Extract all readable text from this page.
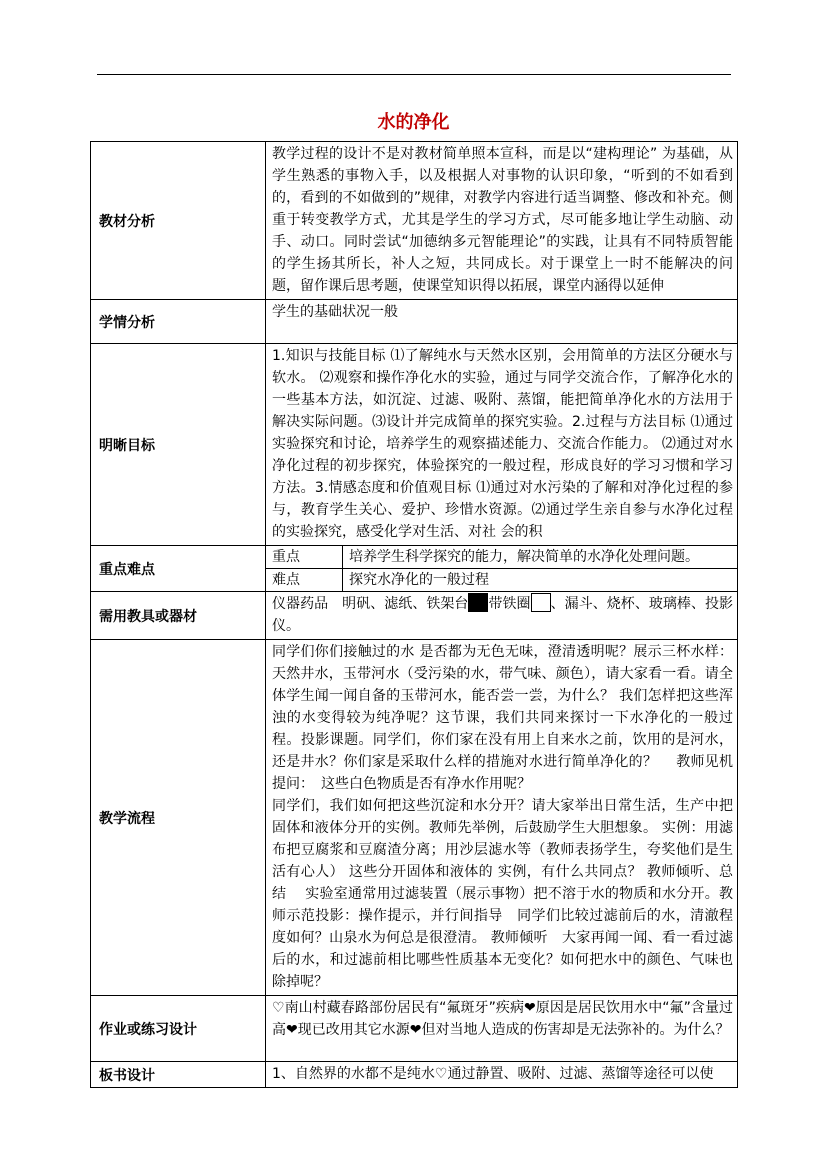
水的净化
教材分析	教学过程的设计不是对教材简单照本宣科，而是以“建构理论” 为基础，从学生熟悉的事物入手，以及根据人对事物的认识印象，“听到的不如看到的，看到的不如做到的”规律，对教学内容进行适当调整、修改和补充。侧重于转变教学方式，尤其是学生的学习方式，尽可能多地让学生动脑、动手、动口。同时尝试“加德纳多元智能理论”的实践，让具有不同特质智能的学生扬其所长，补人之短，共同成长。对于课堂上一时不能解决的问题，留作课后思考题，使课堂知识得以拓展，课堂内涵得以延伸
学情分析	学生的基础状况一般
明晰目标	1.知识与技能目标 ⑴了解纯水与天然水区别，会用简单的方法区分硬水与软水。 ⑵观察和操作净化水的实验，通过与同学交流合作，了解净化水的一些基本方法，如沉淀、过滤、吸附、蒸馏，能把简单净化水的方法用于解决实际问题。⑶设计并完成简单的探究实验。2.过程与方法目标 ⑴通过实验探究和讨论，培养学生的观察描述能力、交流合作能力。 ⑵通过对水净化过程的初步探究，体验探究的一般过程，形成良好的学习习惯和学习方法。3.情感态度和价值观目标 ⑴通过对水污染的了解和对净化过程的参与，教育学生关心、爱护、珍惜水资源。⑵通过学生亲自参与水净化过程的实验探究，感受化学对生活、对社 会的积
重点难点	
重点	培养学生科学探究的能力，解决简单的水净化处理问题。
难点	探究水净化的一般过程

需用教具或器材	仪器药品　明矾、滤纸、铁架台 带铁圈 、漏斗、烧杯、玻璃棒、投影仪。
教学流程	同学们你们接触过的水 是否都为无色无味，澄清透明呢？展示三杯水样：天然井水，玉带河水（受污染的水，带气味、颜色），请大家看一看。请全体学生闻一闻自备的玉带河水，能否尝一尝，为什么？ 我们怎样把这些浑浊的水变得较为纯净呢？这节课，我们共同来探讨一下水净化的一般过程。投影课题。同学们，你们家在没有用上自来水之前，饮用的是河水，还是井水？你们家是采取什么样的措施对水进行简单净化的？　 教师见机提问：　这些白色物质是否有净水作用呢？
同学们，我们如何把这些沉淀和水分开？请大家举出日常生活，生产中把固体和液体分开的实例。教师先举例，后鼓励学生大胆想象。 实例：用滤布把豆腐浆和豆腐渣分离；用沙层滤水等（教师表扬学生，夸奖他们是生活有心人） 这些分开固体和液体的 实例，有什么共同点？ 教师倾听、总结　 实验室通常用过滤装置（展示事物）把不溶于水的物质和水分开。教师示范投影：操作提示，并行间指导　同学们比较过滤前后的水，清澈程度如何？山泉水为何总是很澄清。 教师倾听　大家再闻一闻、看一看过滤后的水，和过滤前相比哪些性质基本无变化？如何把水中的颜色、气味也除掉呢？
作业或练习设计	♡南山村藏春路部份居民有“氟斑牙”疾病❤原因是居民饮用水中“氟”含量过高❤现已改用其它水源❤但对当地人造成的伤害却是无法弥补的。为什么？
板书设计	1、自然界的水都不是纯水♡通过静置、吸附、过滤、蒸馏等途径可以使
